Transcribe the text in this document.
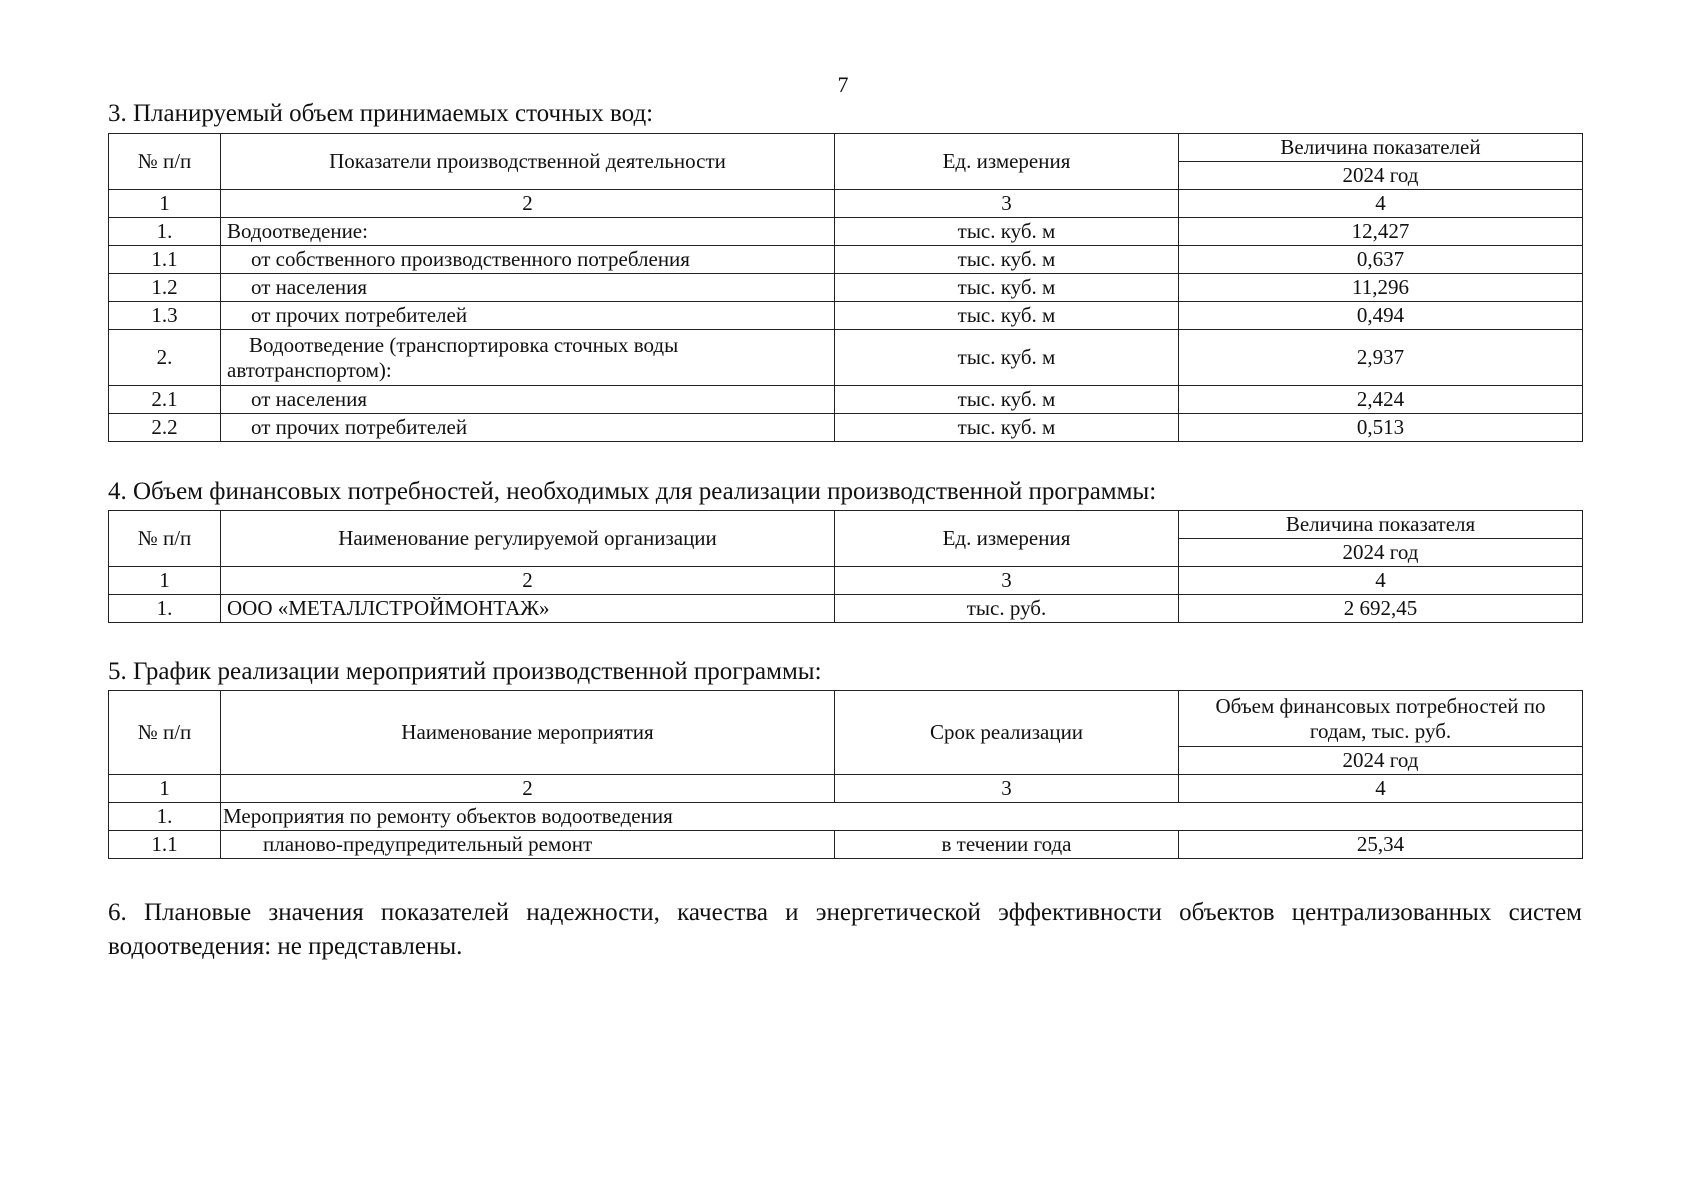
7
3. Планируемый объем принимаемых сточных вод:
№ п/п	Показатели производственной деятельности	Ед. измерения	Величина показателей
			2024 год
1	2	3	4
1.	Водоотведение:	тыс. куб. м	12,427
1.1	от собственного производственного потребления	тыс. куб. м	0,637
1.2	от населения	тыс. куб. м	11,296
1.3	от прочих потребителей	тыс. куб. м	0,494
2.	Водоотведение (транспортировка сточных воды автотранспортом):	тыс. куб. м	2,937
2.1	от населения	тыс. куб. м	2,424
2.2	от прочих потребителей	тыс. куб. м	0,513
4. Объем финансовых потребностей, необходимых для реализации производственной программы:
№ п/п	Наименование регулируемой организации	Ед. измерения	Величина показателя
			2024 год
1	2	3	4
1.	ООО «МЕТАЛЛСТРОЙМОНТАЖ»	тыс. руб.	2 692,45
5. График реализации мероприятий производственной программы:
№ п/п	Наименование мероприятия	Срок реализации	Объем финансовых потребностей по годам, тыс. руб.
			2024 год
1	2	3	4
1.	Мероприятия по ремонту объектов водоотведения		
1.1	планово-предупредительный ремонт	в течении года	25,34
6. Плановые значения показателей надежности, качества и энергетической эффективности объектов централизованных систем водоотведения: не представлены.
